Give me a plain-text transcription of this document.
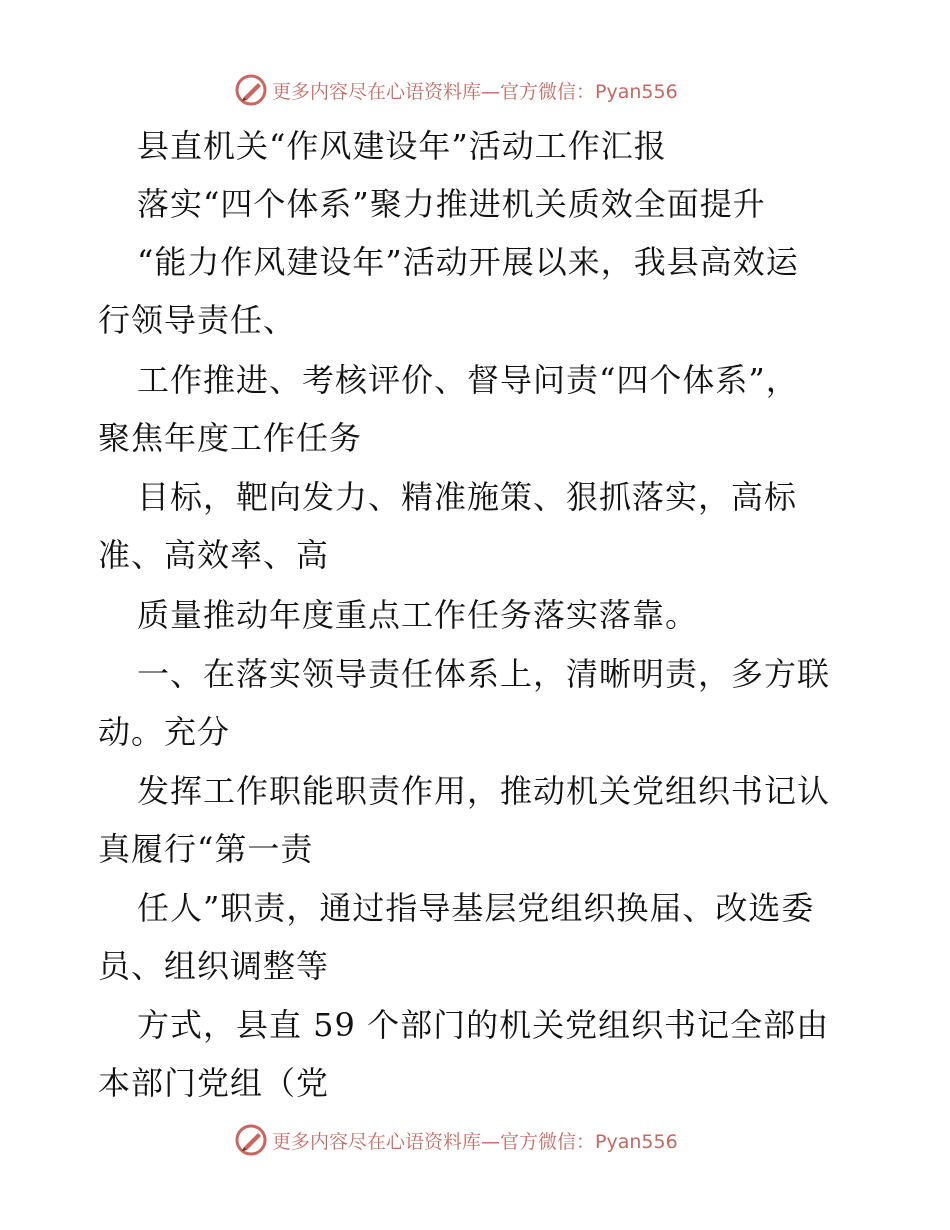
更多内容尽在心语资料库—官方微信：Pyan556
县直机关“作风建设年”活动工作汇报
落实“四个体系”聚力推进机关质效全面提升
“能力作风建设年”活动开展以来，我县高效运
行领导责任、
工作推进、考核评价、督导问责“四个体系”，
聚焦年度工作任务
目标，靶向发力、精准施策、狠抓落实，高标
准、高效率、高
质量推动年度重点工作任务落实落靠。
一、在落实领导责任体系上，清晰明责，多方联
动。充分
发挥工作职能职责作用，推动机关党组织书记认
真履行“第一责
任人”职责，通过指导基层党组织换届、改选委
员、组织调整等
方式，县直 59 个部门的机关党组织书记全部由
本部门党组（党
更多内容尽在心语资料库—官方微信：Pyan556
